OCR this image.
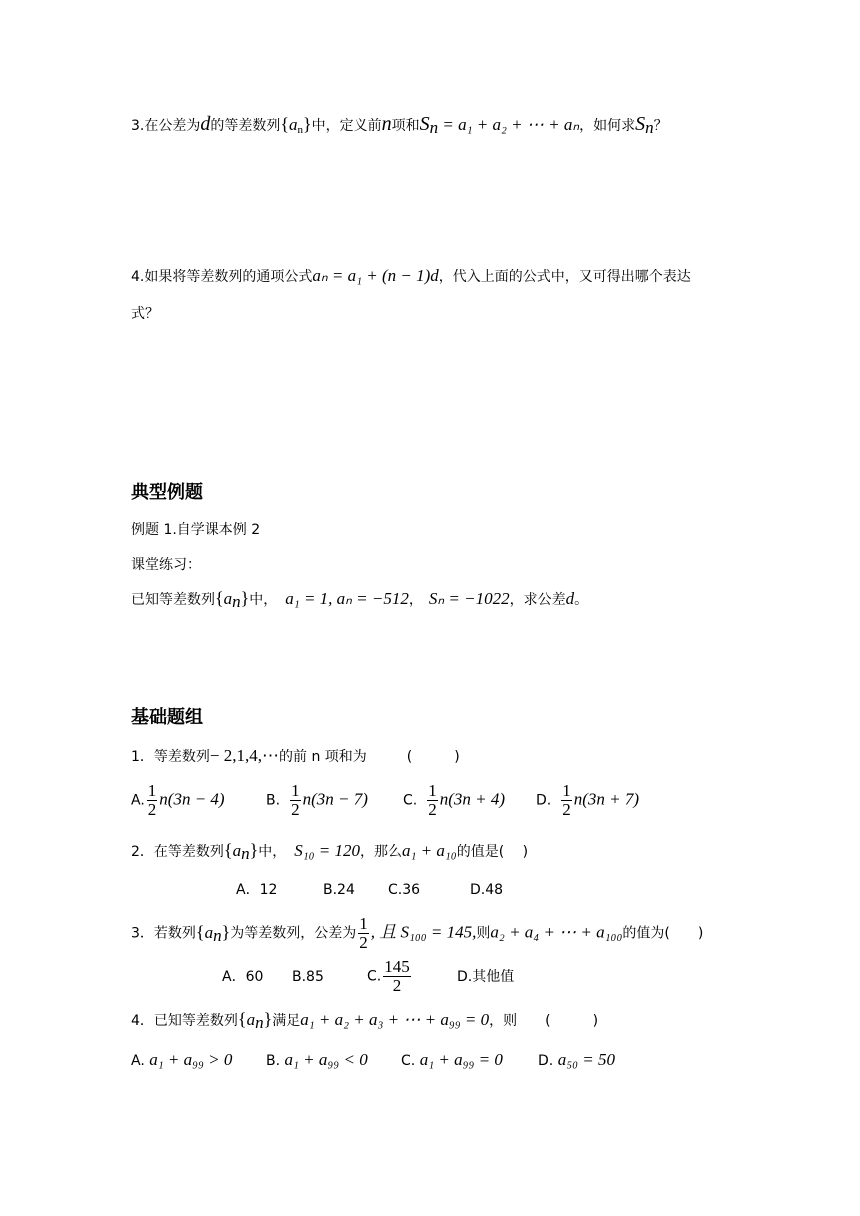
3.在公差为d的等差数列$\{a_n\}$中，定义前n项和$S_n = a_1 + a_2$ + ⋯ + aₙ，如何求$S_n$？
4.如果将等差数列的通项公式aₙ = a₁ + (n − 1)d，代入上面的公式中，又可得出哪个表达
式？
典型例题
例题 1.自学课本例 2
课堂练习：
已知等差数列$\{a_n\}$中， a₁ = 1, aₙ = −512， Sₙ = −1022，求公差d。
基础题组
1．等差数列− 2,1,4,⋯的前 n 项和为	(　　　)
A. $\frac{1}{2} n(3n - 4)$	B. $\frac{1}{2} n(3n - 7)$	C. $\frac{1}{2} n(3n + 4)$ D. $\frac{1}{2} n(3n + 7)$
2．在等差数列$\{a_n\}$中， S₁₀ = 120，那么a₁ + a₁₀的值是(　 )
A．12	B.24 C.36	D.48
3．若数列$\{a_n\}$为等差数列，公差为 $\frac{1}{2}$ , 且 S₁₀₀ = 145,则a₂ + a₄ + ⋯ + a₁₀₀的值为(　　)
A．60 B.85	C. $\frac{145}{2}$	D.其他值
4．已知等差数列$\{a_n\}$满足a₁ + a₂ + a₃ + ⋯ + a₉₉ = 0，则　　(　　　)
A. a₁ + a₉₉ > 0 B. a₁ + a₉₉ < 0 C. a₁ + a₉₉ = 0	D. a₅₀ = 50
